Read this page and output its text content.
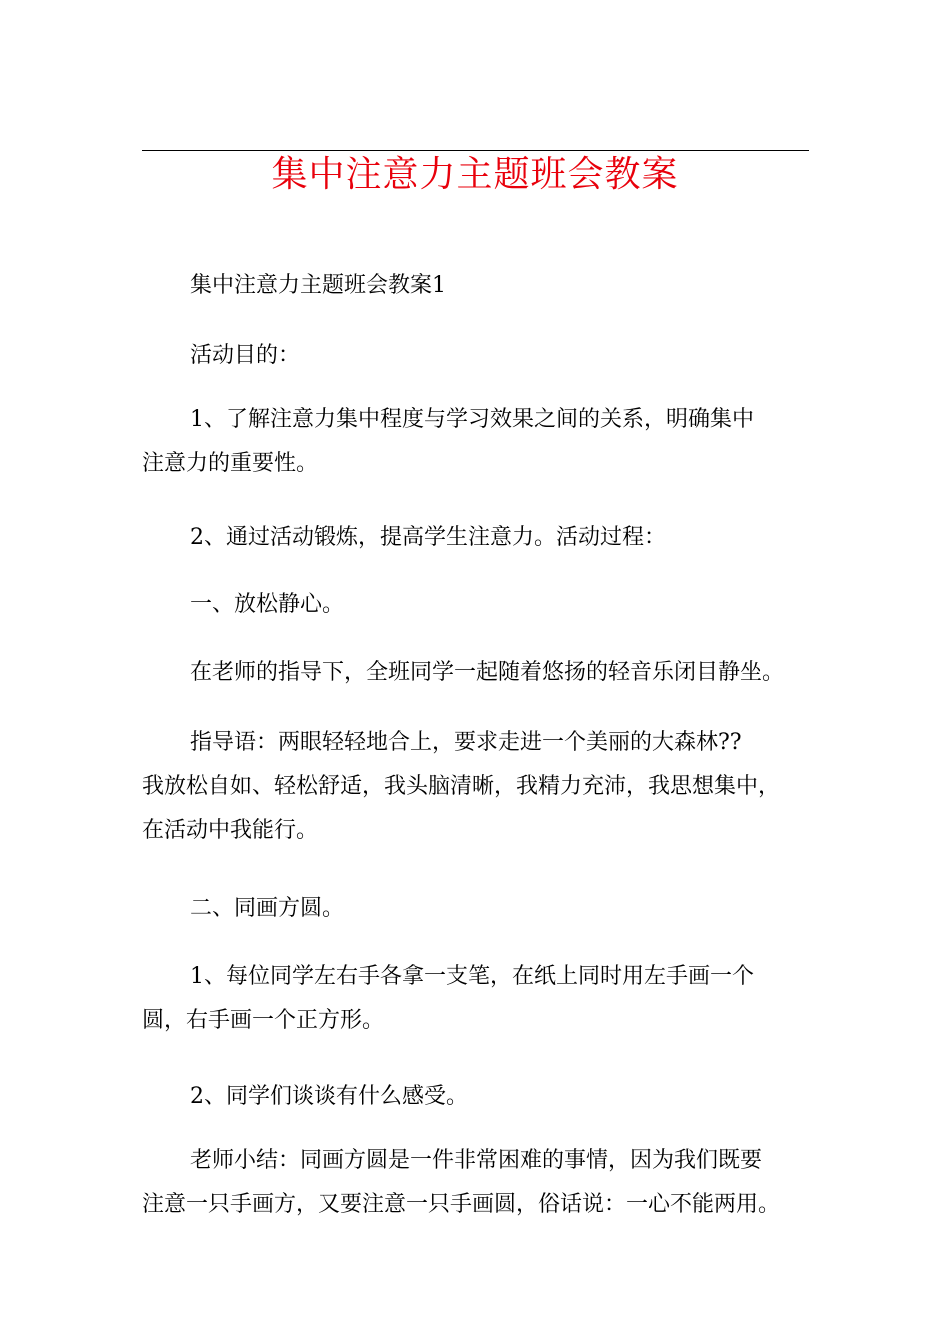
集中注意力主题班会教案
集中注意力主题班会教案1
活动目的：
1、了解注意力集中程度与学习效果之间的关系，明确集中
注意力的重要性。
2、通过活动锻炼，提高学生注意力。活动过程：
一、放松静心。
在老师的指导下，全班同学一起随着悠扬的轻音乐闭目静坐。
指导语：两眼轻轻地合上，要求走进一个美丽的大森林??
我放松自如、轻松舒适，我头脑清晰，我精力充沛，我思想集中，
在活动中我能行。
二、同画方圆。
1、每位同学左右手各拿一支笔，在纸上同时用左手画一个
圆，右手画一个正方形。
2、同学们谈谈有什么感受。
老师小结：同画方圆是一件非常困难的事情，因为我们既要
注意一只手画方，又要注意一只手画圆，俗话说：一心不能两用。
